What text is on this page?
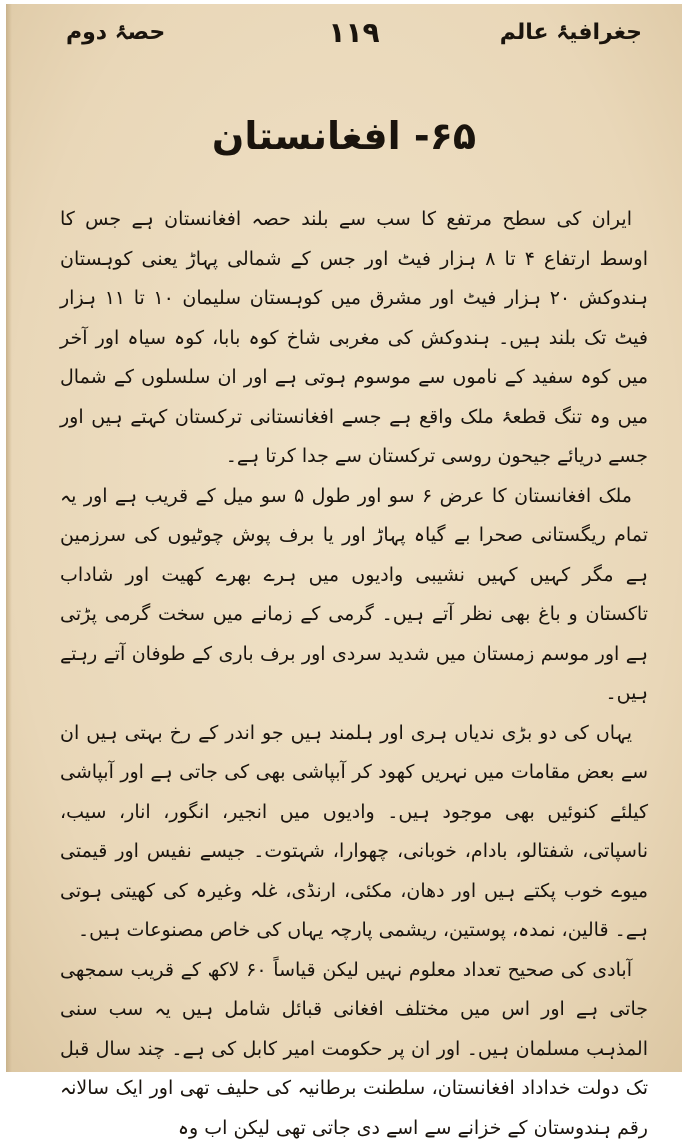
جغرافیۂ عالم
۱۱۹
حصۂ دوم
۶۵- افغانستان

ایران کی سطح مرتفع کا سب سے بلند حصہ افغانستان ہے جس کا اوسط ارتفاع ۴ تا ۸ ہزار فیٹ اور جس کے شمالی پہاڑ یعنی کوہستان ہندوکش ۲۰ ہزار فیٹ اور مشرق میں کوہستان سلیمان ۱۰ تا ۱۱ ہزار فیٹ تک بلند ہیں۔ ہندوکش کی مغربی شاخ کوہ بابا، کوہ سیاہ اور آخر میں کوہ سفید کے ناموں سے موسوم ہوتی ہے اور ان سلسلوں کے شمال میں وہ تنگ قطعۂ ملک واقع ہے جسے افغانستانی ترکستان کہتے ہیں اور جسے دریائے جیحون روسی ترکستان سے جدا کرتا ہے۔

ملک افغانستان کا عرض ۶ سو اور طول ۵ سو میل کے قریب ہے اور یہ تمام ریگستانی صحرا بے گیاہ پہاڑ اور یا برف پوش چوٹیوں کی سرزمین ہے مگر کہیں کہیں نشیبی وادیوں میں ہرے بھرے کھیت اور شاداب تاکستان و باغ بھی نظر آتے ہیں۔ گرمی کے زمانے میں سخت گرمی پڑتی ہے اور موسم زمستان میں شدید سردی اور برف باری کے طوفان آتے رہتے ہیں۔

یہاں کی دو بڑی ندیاں ہری اور ہلمند ہیں جو اندر کے رخ بہتی ہیں ان سے بعض مقامات میں نہریں کھود کر آبپاشی بھی کی جاتی ہے اور آبپاشی کیلئے کنوئیں بھی موجود ہیں۔ وادیوں میں انجیر، انگور، انار، سیب، ناسپاتی، شفتالو، بادام، خوبانی، چھوارا، شہتوت۔ جیسے نفیس اور قیمتی میوے خوب پکتے ہیں اور دھان، مکئی، ارنڈی، غلہ وغیرہ کی کھیتی ہوتی ہے۔ قالین، نمدہ، پوستین، ریشمی پارچہ یہاں کی خاص مصنوعات ہیں۔

آبادی کی صحیح تعداد معلوم نہیں لیکن قیاساً ۶۰ لاکھ کے قریب سمجھی جاتی ہے اور اس میں مختلف افغانی قبائل شامل ہیں یہ سب سنی المذہب مسلمان ہیں۔ اور ان پر حکومت امیر کابل کی ہے۔ چند سال قبل تک دولت خداداد افغانستان، سلطنت برطانیہ کی حلیف تھی اور ایک سالانہ رقم ہندوستان کے خزانے سے اسے دی جاتی تھی لیکن اب وہ
